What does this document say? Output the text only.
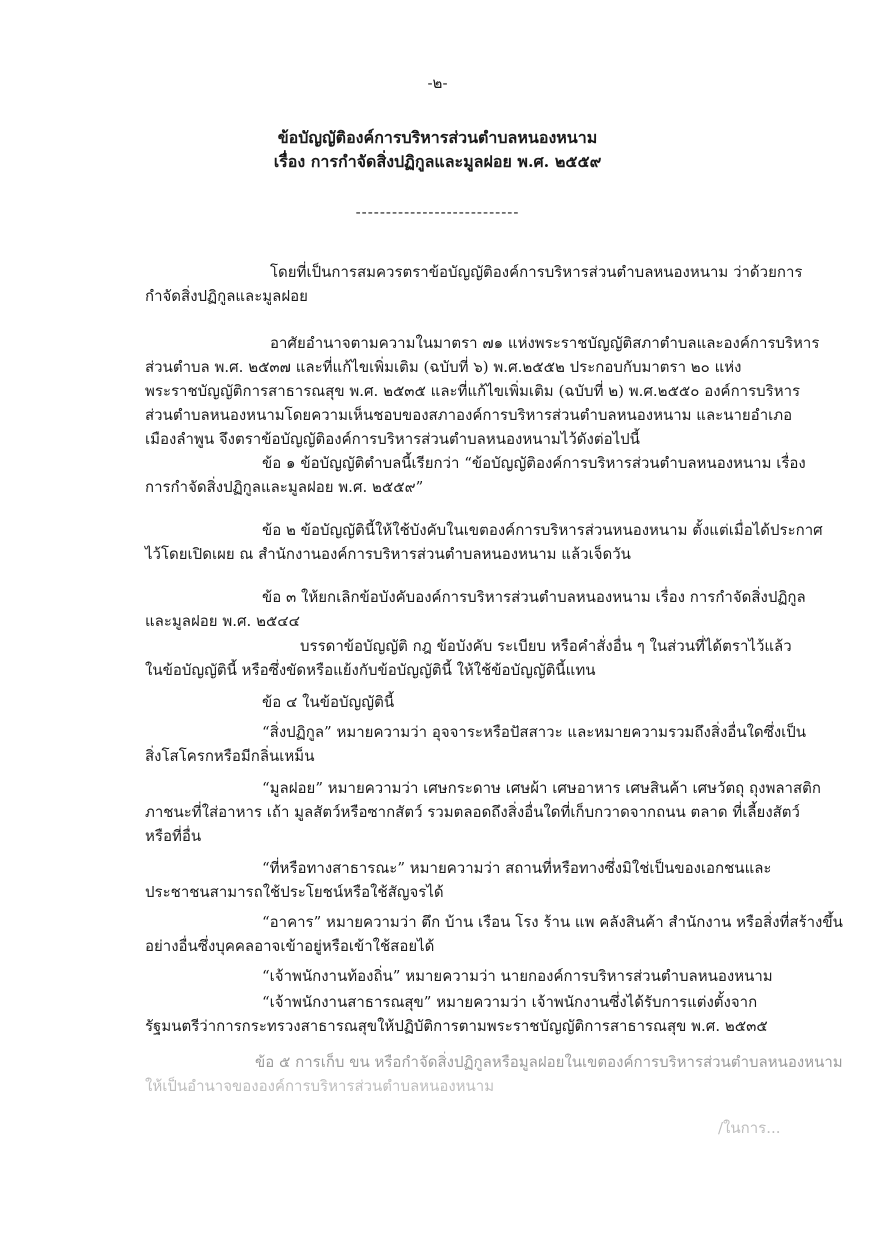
-๒-

ข้อบัญญัติองค์การบริหารส่วนตำบลหนองหนาม

เรื่อง การกำจัดสิ่งปฏิกูลและมูลฝอย พ.ศ. ๒๕๕๙

---------------------------

โดยที่เป็นการสมควรตราข้อบัญญัติองค์การบริหารส่วนตำบลหนองหนาม ว่าด้วยการ

กำจัดสิ่งปฏิกูลและมูลฝอย

อาศัยอำนาจตามความในมาตรา ๗๑ แห่งพระราชบัญญัติสภาตำบลและองค์การบริหาร

ส่วนตำบล พ.ศ. ๒๕๓๗ และที่แก้ไขเพิ่มเติม (ฉบับที่ ๖) พ.ศ.๒๕๕๒ ประกอบกับมาตรา ๒๐ แห่ง

พระราชบัญญัติการสาธารณสุข พ.ศ. ๒๕๓๕ และที่แก้ไขเพิ่มเติม (ฉบับที่ ๒) พ.ศ.๒๕๕๐ องค์การบริหาร

ส่วนตำบลหนองหนามโดยความเห็นชอบของสภาองค์การบริหารส่วนตำบลหนองหนาม และนายอำเภอ

เมืองลำพูน จึงตราข้อบัญญัติองค์การบริหารส่วนตำบลหนองหนามไว้ดังต่อไปนี้

ข้อ ๑ ข้อบัญญัติตำบลนี้เรียกว่า “ข้อบัญญัติองค์การบริหารส่วนตำบลหนองหนาม เรื่อง

การกำจัดสิ่งปฏิกูลและมูลฝอย พ.ศ. ๒๕๕๙”

ข้อ ๒ ข้อบัญญัตินี้ให้ใช้บังคับในเขตองค์การบริหารส่วนหนองหนาม ตั้งแต่เมื่อได้ประกาศ

ไว้โดยเปิดเผย ณ สำนักงานองค์การบริหารส่วนตำบลหนองหนาม แล้วเจ็ดวัน

ข้อ ๓ ให้ยกเลิกข้อบังคับองค์การบริหารส่วนตำบลหนองหนาม เรื่อง การกำจัดสิ่งปฏิกูล

และมูลฝอย พ.ศ. ๒๕๔๔

บรรดาข้อบัญญัติ กฎ ข้อบังคับ ระเบียบ หรือคำสั่งอื่น ๆ ในส่วนที่ได้ตราไว้แล้ว

ในข้อบัญญัตินี้ หรือซึ่งขัดหรือแย้งกับข้อบัญญัตินี้ ให้ใช้ข้อบัญญัตินี้แทน

ข้อ ๔ ในข้อบัญญัตินี้

“สิ่งปฏิกูล” หมายความว่า อุจจาระหรือปัสสาวะ และหมายความรวมถึงสิ่งอื่นใดซึ่งเป็น

สิ่งโสโครกหรือมีกลิ่นเหม็น

“มูลฝอย” หมายความว่า เศษกระดาษ เศษผ้า เศษอาหาร เศษสินค้า เศษวัตถุ ถุงพลาสติก

ภาชนะที่ใส่อาหาร เถ้า มูลสัตว์หรือซากสัตว์ รวมตลอดถึงสิ่งอื่นใดที่เก็บกวาดจากถนน ตลาด ที่เลี้ยงสัตว์

หรือที่อื่น

“ที่หรือทางสาธารณะ” หมายความว่า สถานที่หรือทางซึ่งมิใช่เป็นของเอกชนและ

ประชาชนสามารถใช้ประโยชน์หรือใช้สัญจรได้

“อาคาร” หมายความว่า ตึก บ้าน เรือน โรง ร้าน แพ คลังสินค้า สำนักงาน หรือสิ่งที่สร้างขึ้น

อย่างอื่นซึ่งบุคคลอาจเข้าอยู่หรือเข้าใช้สอยได้

“เจ้าพนักงานท้องถิ่น” หมายความว่า นายกองค์การบริหารส่วนตำบลหนองหนาม

“เจ้าพนักงานสาธารณสุข” หมายความว่า เจ้าพนักงานซึ่งได้รับการแต่งตั้งจาก

รัฐมนตรีว่าการกระทรวงสาธารณสุขให้ปฏิบัติการตามพระราชบัญญัติการสาธารณสุข พ.ศ. ๒๕๓๕

ข้อ ๕ การเก็บ ขน หรือกำจัดสิ่งปฏิกูลหรือมูลฝอยในเขตองค์การบริหารส่วนตำบลหนองหนาม

ให้เป็นอำนาจขององค์การบริหารส่วนตำบลหนองหนาม

/ในการ...
